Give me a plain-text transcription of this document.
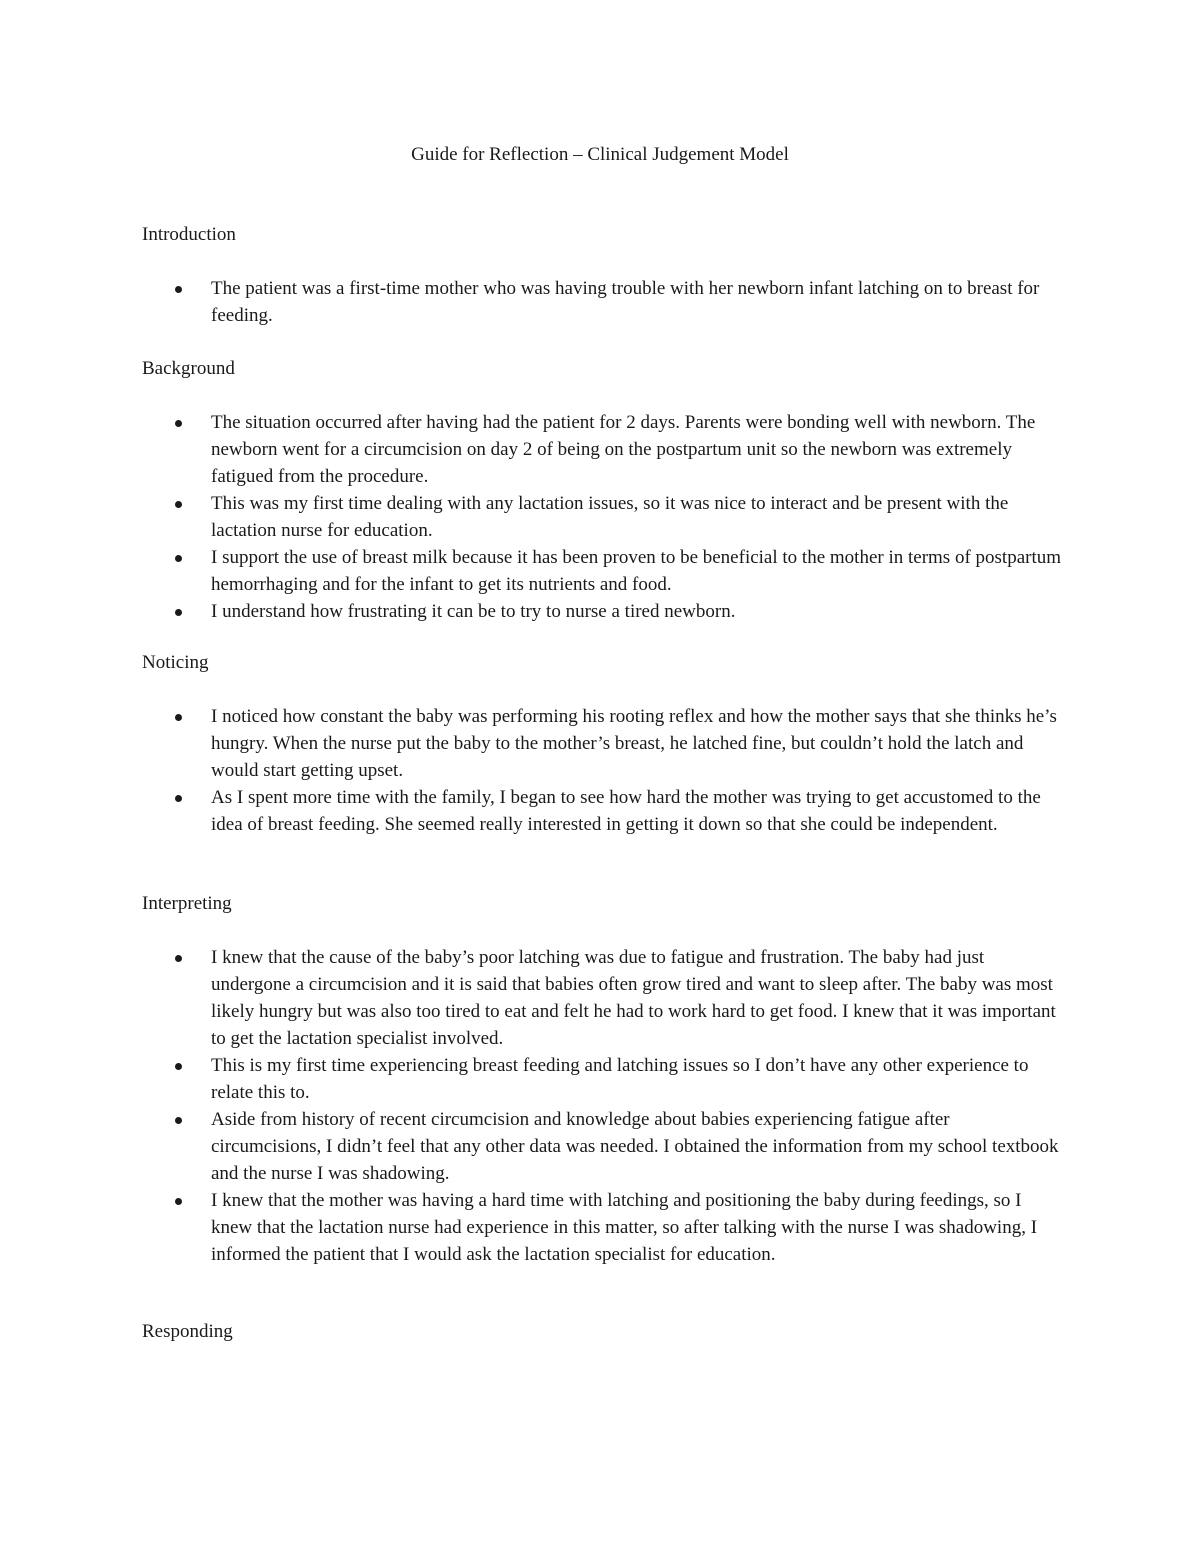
Guide for Reflection – Clinical Judgement Model
Introduction
The patient was a first-time mother who was having trouble with her newborn infant latching on to breast for feeding.
Background
The situation occurred after having had the patient for 2 days. Parents were bonding well with newborn. The newborn went for a circumcision on day 2 of being on the postpartum unit so the newborn was extremely fatigued from the procedure.
This was my first time dealing with any lactation issues, so it was nice to interact and be present with the lactation nurse for education.
I support the use of breast milk because it has been proven to be beneficial to the mother in terms of postpartum hemorrhaging and for the infant to get its nutrients and food.
I understand how frustrating it can be to try to nurse a tired newborn.
Noticing
I noticed how constant the baby was performing his rooting reflex and how the mother says that she thinks he’s hungry. When the nurse put the baby to the mother’s breast, he latched fine, but couldn’t hold the latch and would start getting upset.
As I spent more time with the family, I began to see how hard the mother was trying to get accustomed to the idea of breast feeding. She seemed really interested in getting it down so that she could be independent.
Interpreting
I knew that the cause of the baby’s poor latching was due to fatigue and frustration. The baby had just undergone a circumcision and it is said that babies often grow tired and want to sleep after. The baby was most likely hungry but was also too tired to eat and felt he had to work hard to get food. I knew that it was important to get the lactation specialist involved.
This is my first time experiencing breast feeding and latching issues so I don’t have any other experience to relate this to.
Aside from history of recent circumcision and knowledge about babies experiencing fatigue after circumcisions, I didn’t feel that any other data was needed. I obtained the information from my school textbook and the nurse I was shadowing.
I knew that the mother was having a hard time with latching and positioning the baby during feedings, so I knew that the lactation nurse had experience in this matter, so after talking with the nurse I was shadowing, I informed the patient that I would ask the lactation specialist for education.
Responding
